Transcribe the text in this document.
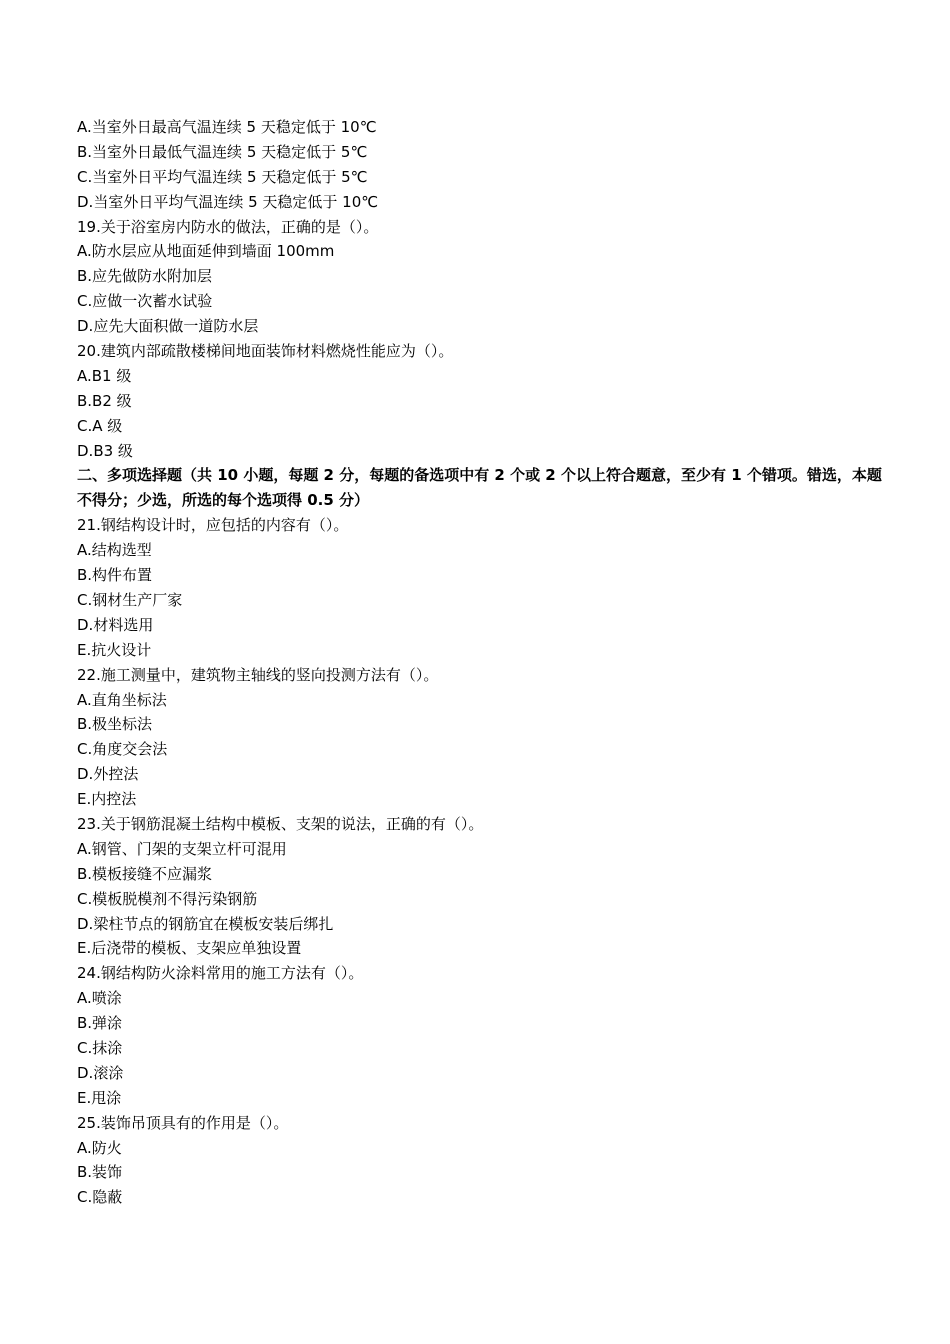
A.当室外日最高气温连续 5 天稳定低于 10℃
B.当室外日最低气温连续 5 天稳定低于 5℃
C.当室外日平均气温连续 5 天稳定低于 5℃
D.当室外日平均气温连续 5 天稳定低于 10℃
19.关于浴室房内防水的做法，正确的是（）。
A.防水层应从地面延伸到墙面 100mm
B.应先做防水附加层
C.应做一次蓄水试验
D.应先大面积做一道防水层
20.建筑内部疏散楼梯间地面装饰材料燃烧性能应为（）。
A.B1 级
B.B2 级
C.A 级
D.B3 级
二、多项选择题（共 10 小题，每题 2 分，每题的备选项中有 2 个或 2 个以上符合题意，至少有 1 个错项。错选，本题不得分；少选，所选的每个选项得 0.5 分）
21.钢结构设计时，应包括的内容有（）。
A.结构选型
B.构件布置
C.钢材生产厂家
D.材料选用
E.抗火设计
22.施工测量中，建筑物主轴线的竖向投测方法有（）。
A.直角坐标法
B.极坐标法
C.角度交会法
D.外控法
E.内控法
23.关于钢筋混凝土结构中模板、支架的说法，正确的有（）。
A.钢管、门架的支架立杆可混用
B.模板接缝不应漏浆
C.模板脱模剂不得污染钢筋
D.梁柱节点的钢筋宜在模板安装后绑扎
E.后浇带的模板、支架应单独设置
24.钢结构防火涂料常用的施工方法有（）。
A.喷涂
B.弹涂
C.抹涂
D.滚涂
E.甩涂
25.装饰吊顶具有的作用是（）。
A.防火
B.装饰
C.隐蔽
